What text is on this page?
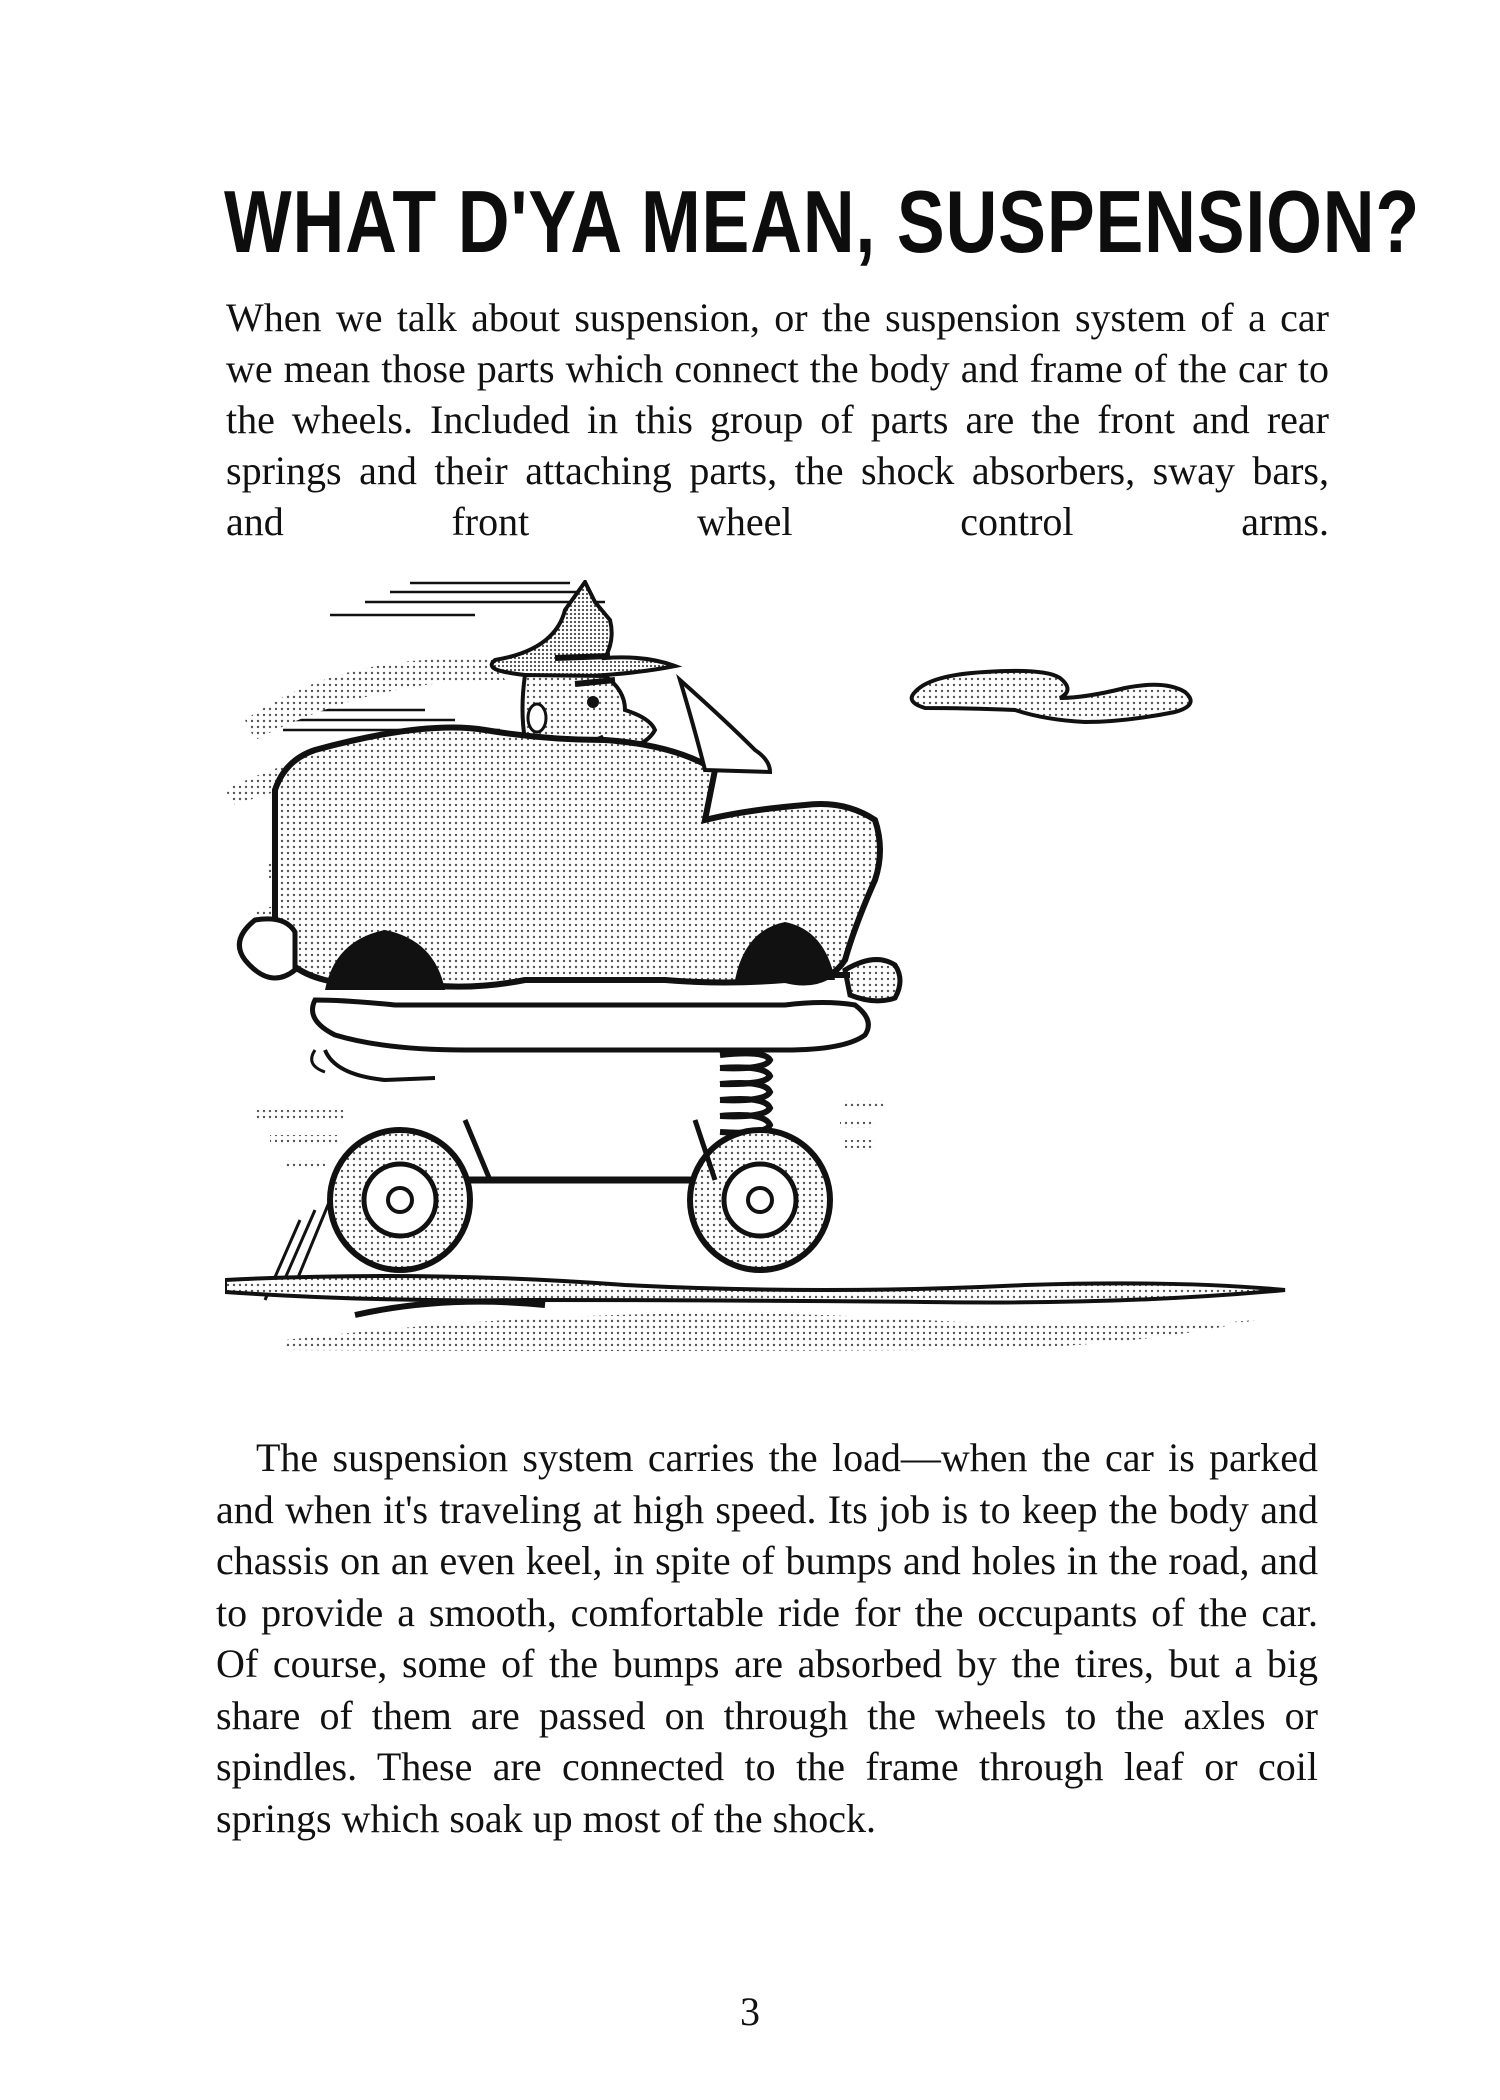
WHAT D'YA MEAN, SUSPENSION?

When we talk about suspension, or the suspension system of a car we mean those parts which connect the body and frame of the car to the wheels. Included in this group of parts are the front and rear springs and their attaching parts, the shock absorbers, sway bars, and front wheel control arms.

The suspension system carries the load—when the car is parked and when it's traveling at high speed. Its job is to keep the body and chassis on an even keel, in spite of bumps and holes in the road, and to provide a smooth, comfortable ride for the occupants of the car. Of course, some of the bumps are absorbed by the tires, but a big share of them are passed on through the wheels to the axles or spindles. These are connected to the frame through leaf or coil springs which soak up most of the shock.

3
